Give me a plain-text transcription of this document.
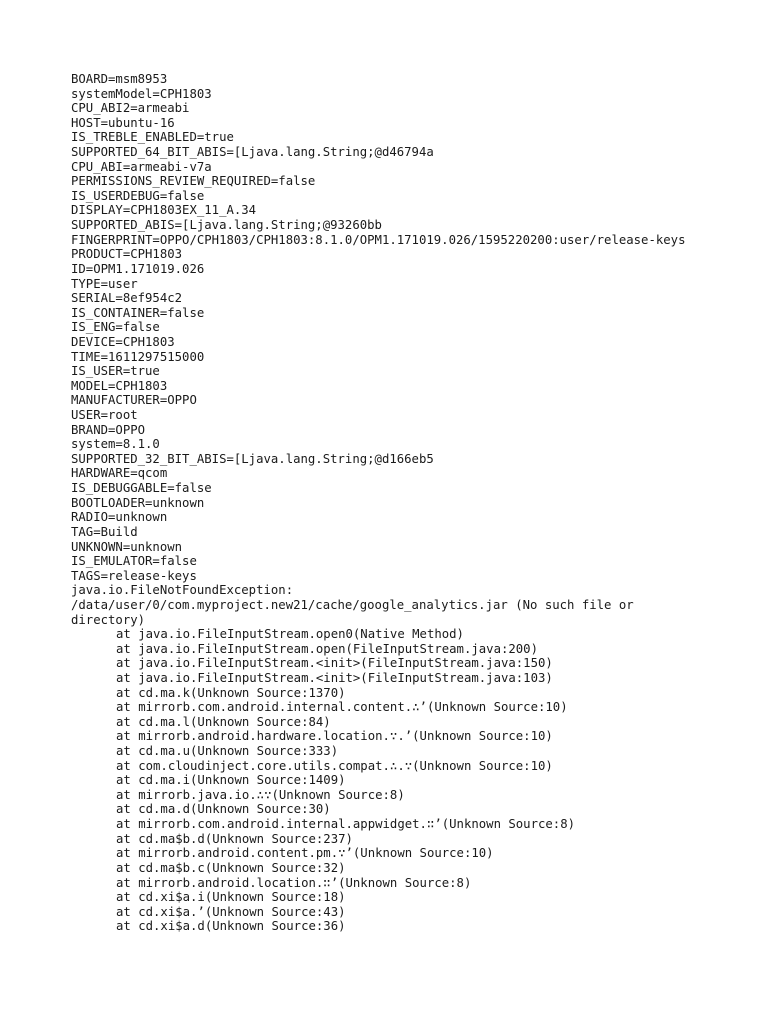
BOARD=msm8953
systemModel=CPH1803
CPU_ABI2=armeabi
HOST=ubuntu-16
IS_TREBLE_ENABLED=true
SUPPORTED_64_BIT_ABIS=[Ljava.lang.String;@d46794a
CPU_ABI=armeabi-v7a
PERMISSIONS_REVIEW_REQUIRED=false
IS_USERDEBUG=false
DISPLAY=CPH1803EX_11_A.34
SUPPORTED_ABIS=[Ljava.lang.String;@93260bb
FINGERPRINT=OPPO/CPH1803/CPH1803:8.1.0/OPM1.171019.026/1595220200:user/release-keys
PRODUCT=CPH1803
ID=OPM1.171019.026
TYPE=user
SERIAL=8ef954c2
IS_CONTAINER=false
IS_ENG=false
DEVICE=CPH1803
TIME=1611297515000
IS_USER=true
MODEL=CPH1803
MANUFACTURER=OPPO
USER=root
BRAND=OPPO
system=8.1.0
SUPPORTED_32_BIT_ABIS=[Ljava.lang.String;@d166eb5
HARDWARE=qcom
IS_DEBUGGABLE=false
BOOTLOADER=unknown
RADIO=unknown
TAG=Build
UNKNOWN=unknown
IS_EMULATOR=false
TAGS=release-keys
java.io.FileNotFoundException:
/data/user/0/com.myproject.new21/cache/google_analytics.jar (No such file or
directory)
at java.io.FileInputStream.open0(Native Method)
at java.io.FileInputStream.open(FileInputStream.java:200)
at java.io.FileInputStream.<init>(FileInputStream.java:150)
at java.io.FileInputStream.<init>(FileInputStream.java:103)
at cd.ma.k(Unknown Source:1370)
at mirrorb.com.android.internal.content.∴’(Unknown Source:10)
at cd.ma.l(Unknown Source:84)
at mirrorb.android.hardware.location.∵.’(Unknown Source:10)
at cd.ma.u(Unknown Source:333)
at com.cloudinject.core.utils.compat.∴.∵(Unknown Source:10)
at cd.ma.i(Unknown Source:1409)
at mirrorb.java.io.∴∵(Unknown Source:8)
at cd.ma.d(Unknown Source:30)
at mirrorb.com.android.internal.appwidget.∷’(Unknown Source:8)
at cd.ma$b.d(Unknown Source:237)
at mirrorb.android.content.pm.∵’(Unknown Source:10)
at cd.ma$b.c(Unknown Source:32)
at mirrorb.android.location.∷’(Unknown Source:8)
at cd.xi$a.i(Unknown Source:18)
at cd.xi$a.’(Unknown Source:43)
at cd.xi$a.d(Unknown Source:36)
